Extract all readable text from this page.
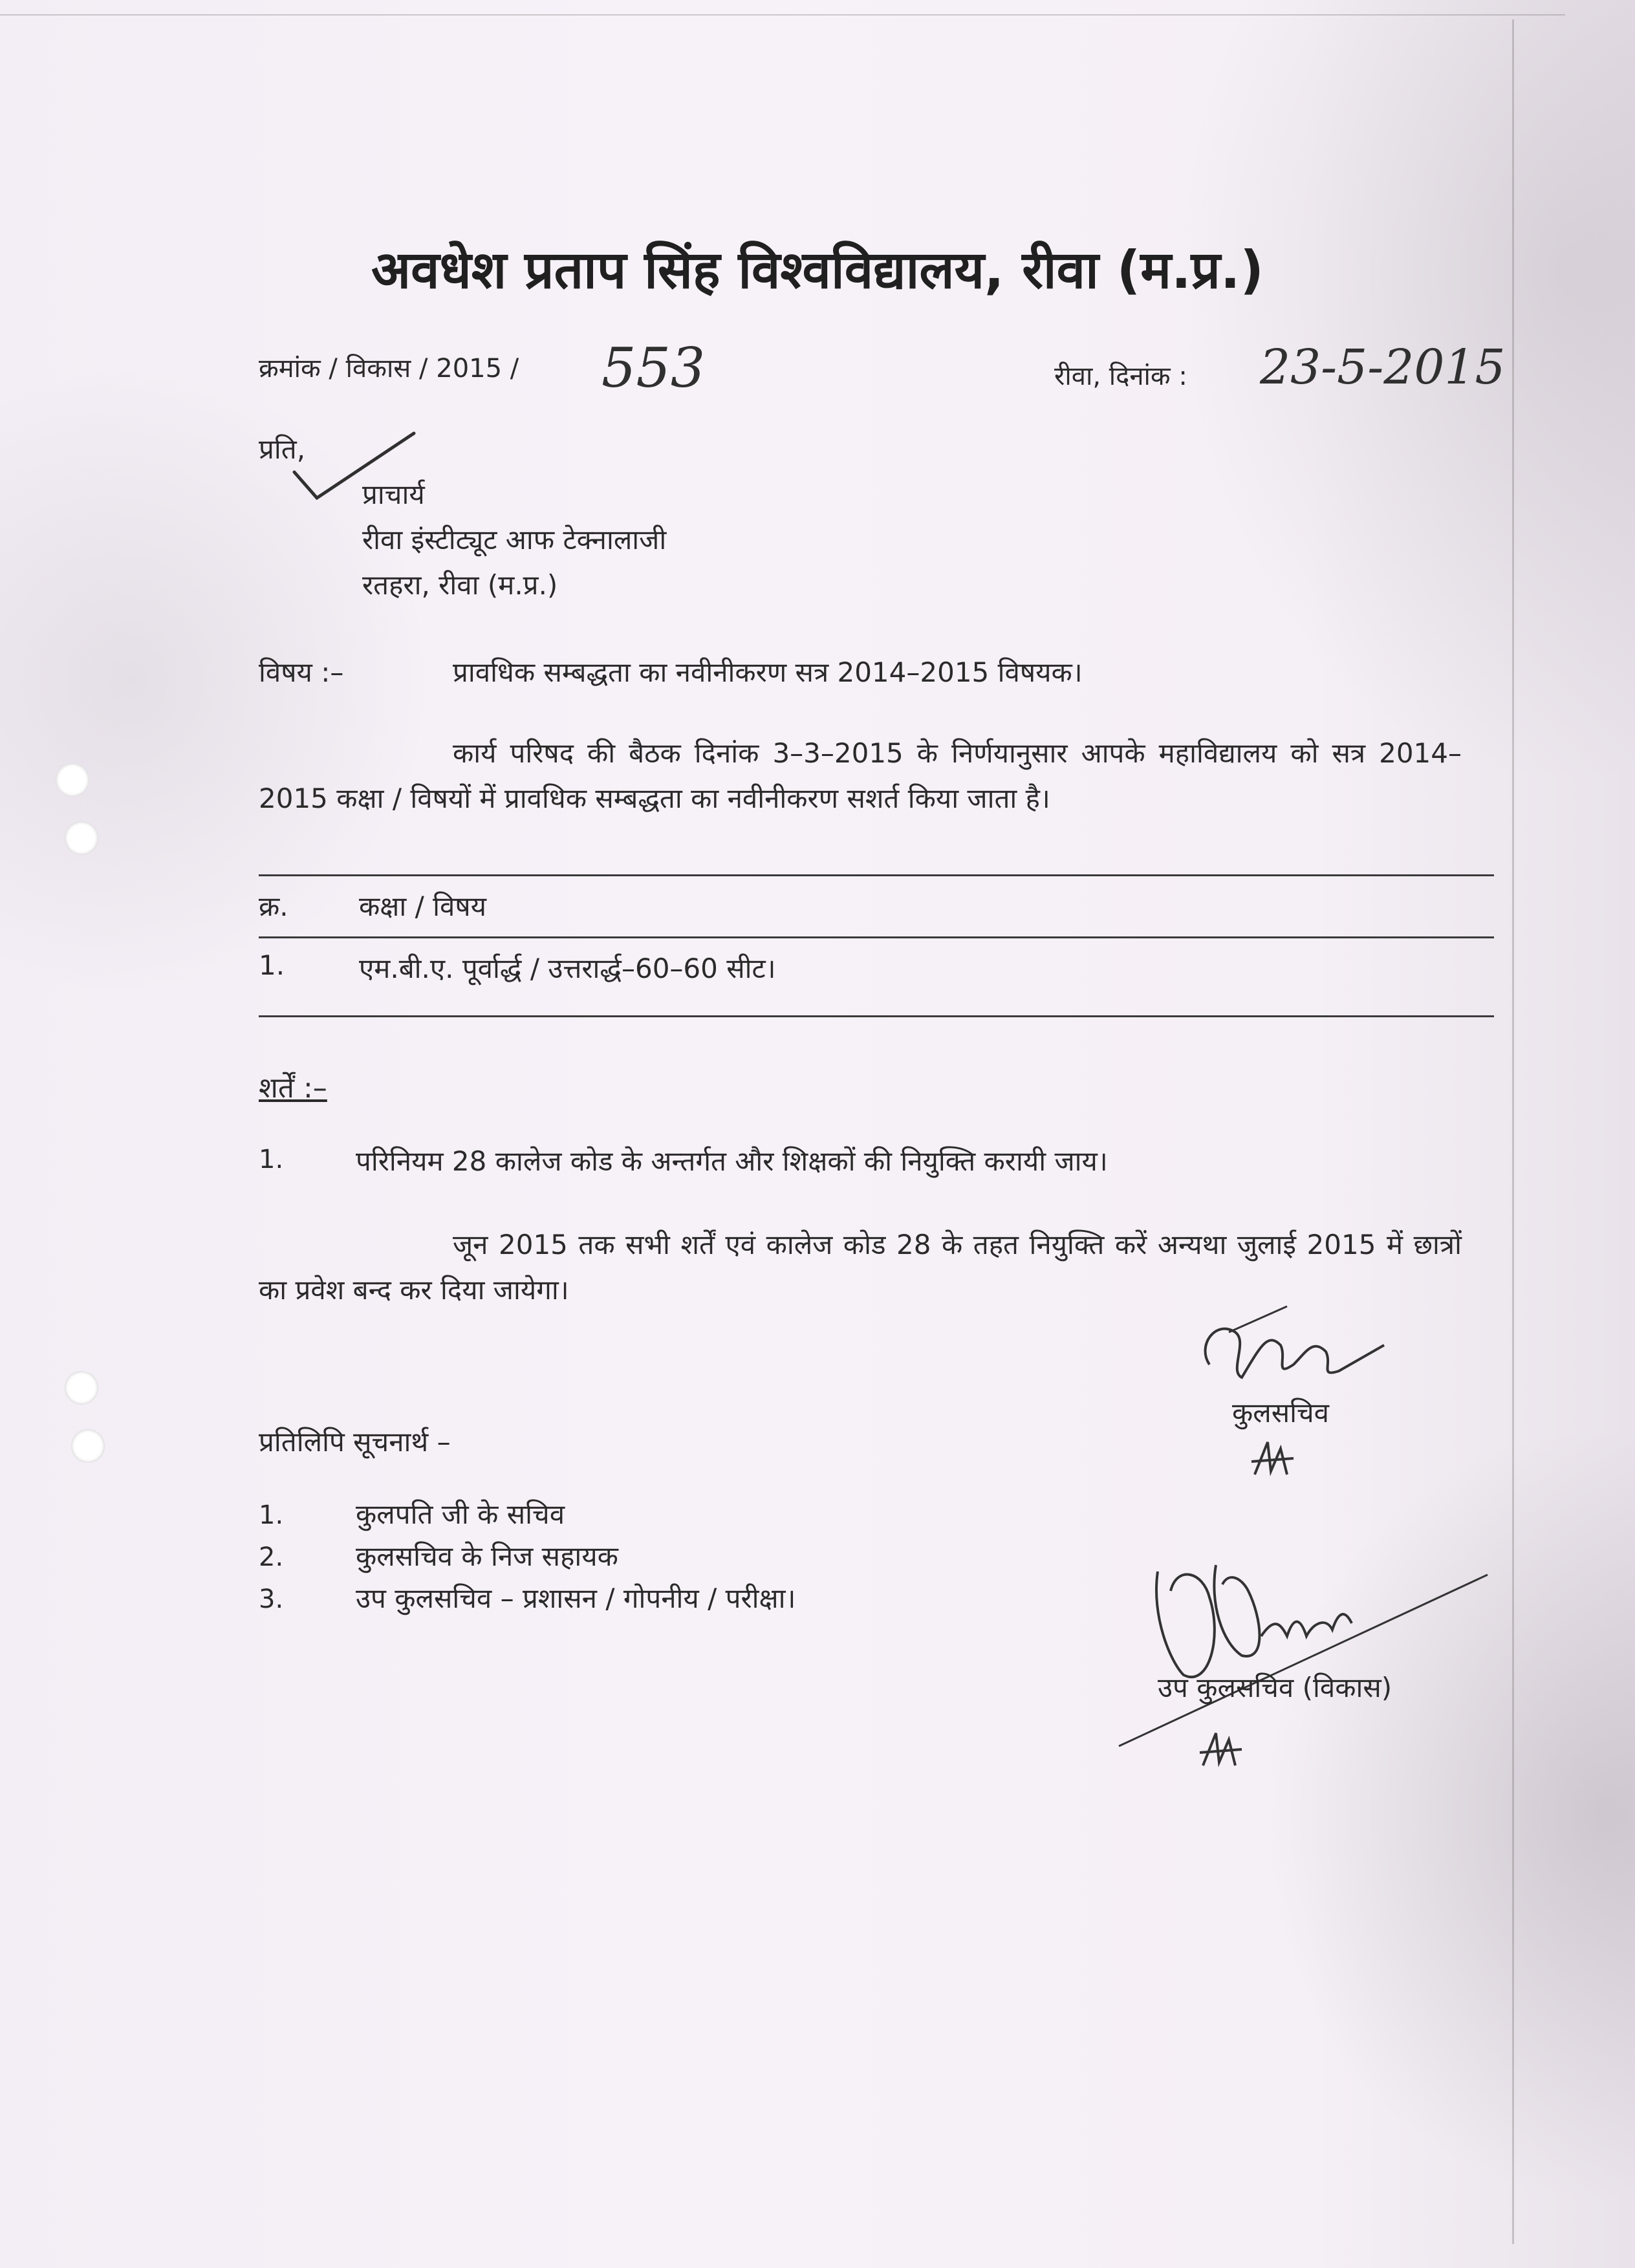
अवधेश प्रताप सिंह विश्वविद्यालय, रीवा (म.प्र.)
क्रमांक / विकास / 2015 / 553	रीवा, दिनांक : 23-5-2015
प्रति,
प्राचार्य
रीवा इंस्टीट्यूट आफ टेक्नालाजी
रतहरा, रीवा (म.प्र.)
विषय :–	प्रावधिक सम्बद्धता का नवीनीकरण सत्र 2014–2015 विषयक।
कार्य परिषद की बैठक दिनांक 3–3–2015 के निर्णयानुसार आपके महाविद्यालय को सत्र 2014–2015 कक्षा / विषयों में प्रावधिक सम्बद्धता का नवीनीकरण सशर्त किया जाता है।
क्र.	कक्षा / विषय
1.	एम.बी.ए. पूर्वार्द्ध / उत्तरार्द्ध–60–60 सीट।
शर्तें :–
1.	परिनियम 28 कालेज कोड के अन्तर्गत और शिक्षकों की नियुक्ति करायी जाय।
जून 2015 तक सभी शर्तें एवं कालेज कोड 28 के तहत नियुक्ति करें अन्यथा जुलाई 2015 में छात्रों का प्रवेश बन्द कर दिया जायेगा।
कुलसचिव
प्रतिलिपि सूचनार्थ –
1.	कुलपति जी के सचिव
2.	कुलसचिव के निज सहायक
3.	उप कुलसचिव – प्रशासन / गोपनीय / परीक्षा।
उप कुलसचिव (विकास)
